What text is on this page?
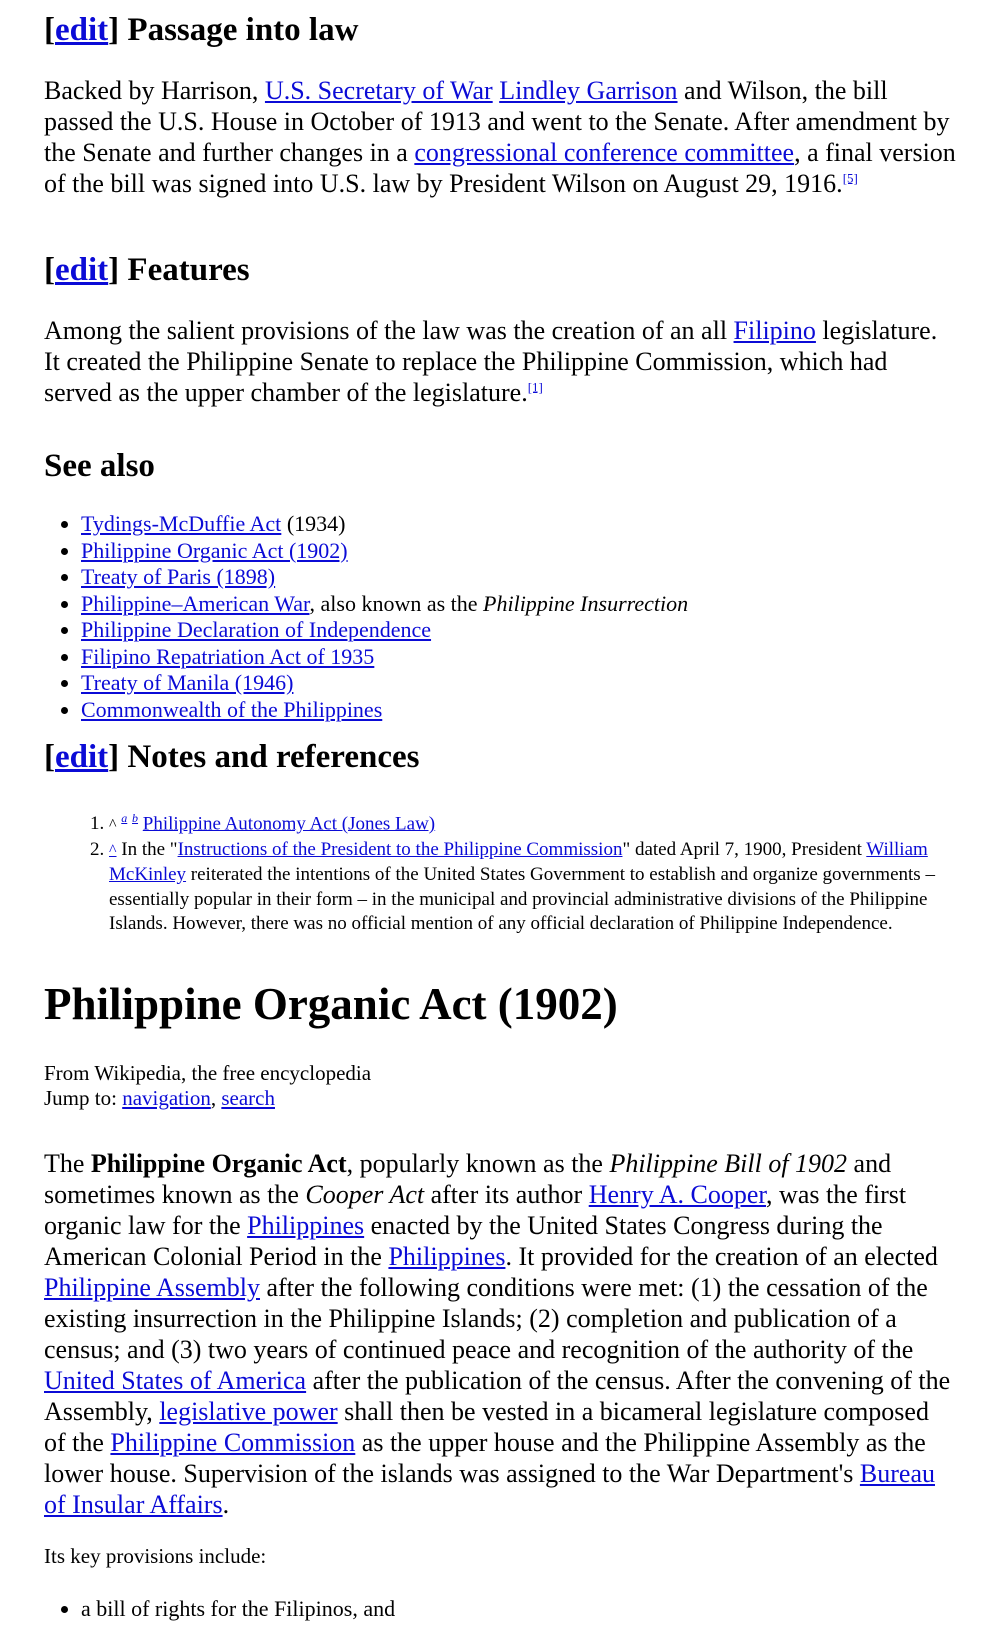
[edit] Passage into law

Backed by Harrison, U.S. Secretary of War Lindley Garrison and Wilson, the bill passed the U.S. House in October of 1913 and went to the Senate. After amendment by the Senate and further changes in a congressional conference committee, a final version of the bill was signed into U.S. law by President Wilson on August 29, 1916.[5]

[edit] Features

Among the salient provisions of the law was the creation of an all Filipino legislature. It created the Philippine Senate to replace the Philippine Commission, which had served as the upper chamber of the legislature.[1]

See also
• Tydings-McDuffie Act (1934)
• Philippine Organic Act (1902)
• Treaty of Paris (1898)
• Philippine–American War, also known as the Philippine Insurrection
• Philippine Declaration of Independence
• Filipino Repatriation Act of 1935
• Treaty of Manila (1946)
• Commonwealth of the Philippines
[edit] Notes and references
1. ^ $^a$ $^b$ Philippine Autonomy Act (Jones Law)
2. ^ In the "Instructions of the President to the Philippine Commission" dated April 7, 1900, President William McKinley reiterated the intentions of the United States Government to establish and organize governments – essentially popular in their form – in the municipal and provincial administrative divisions of the Philippine Islands. However, there was no official mention of any official declaration of Philippine Independence.
Philippine Organic Act (1902)
From Wikipedia, the free encyclopedia
Jump to: navigation, search

The Philippine Organic Act, popularly known as the Philippine Bill of 1902 and sometimes known as the Cooper Act after its author Henry A. Cooper, was the first organic law for the Philippines enacted by the United States Congress during the American Colonial Period in the Philippines. It provided for the creation of an elected Philippine Assembly after the following conditions were met: (1) the cessation of the existing insurrection in the Philippine Islands; (2) completion and publication of a census; and (3) two years of continued peace and recognition of the authority of the United States of America after the publication of the census. After the convening of the Assembly, legislative power shall then be vested in a bicameral legislature composed of the Philippine Commission as the upper house and the Philippine Assembly as the lower house. Supervision of the islands was assigned to the War Department's Bureau of Insular Affairs.

Its key provisions include:
• a bill of rights for the Filipinos, and
